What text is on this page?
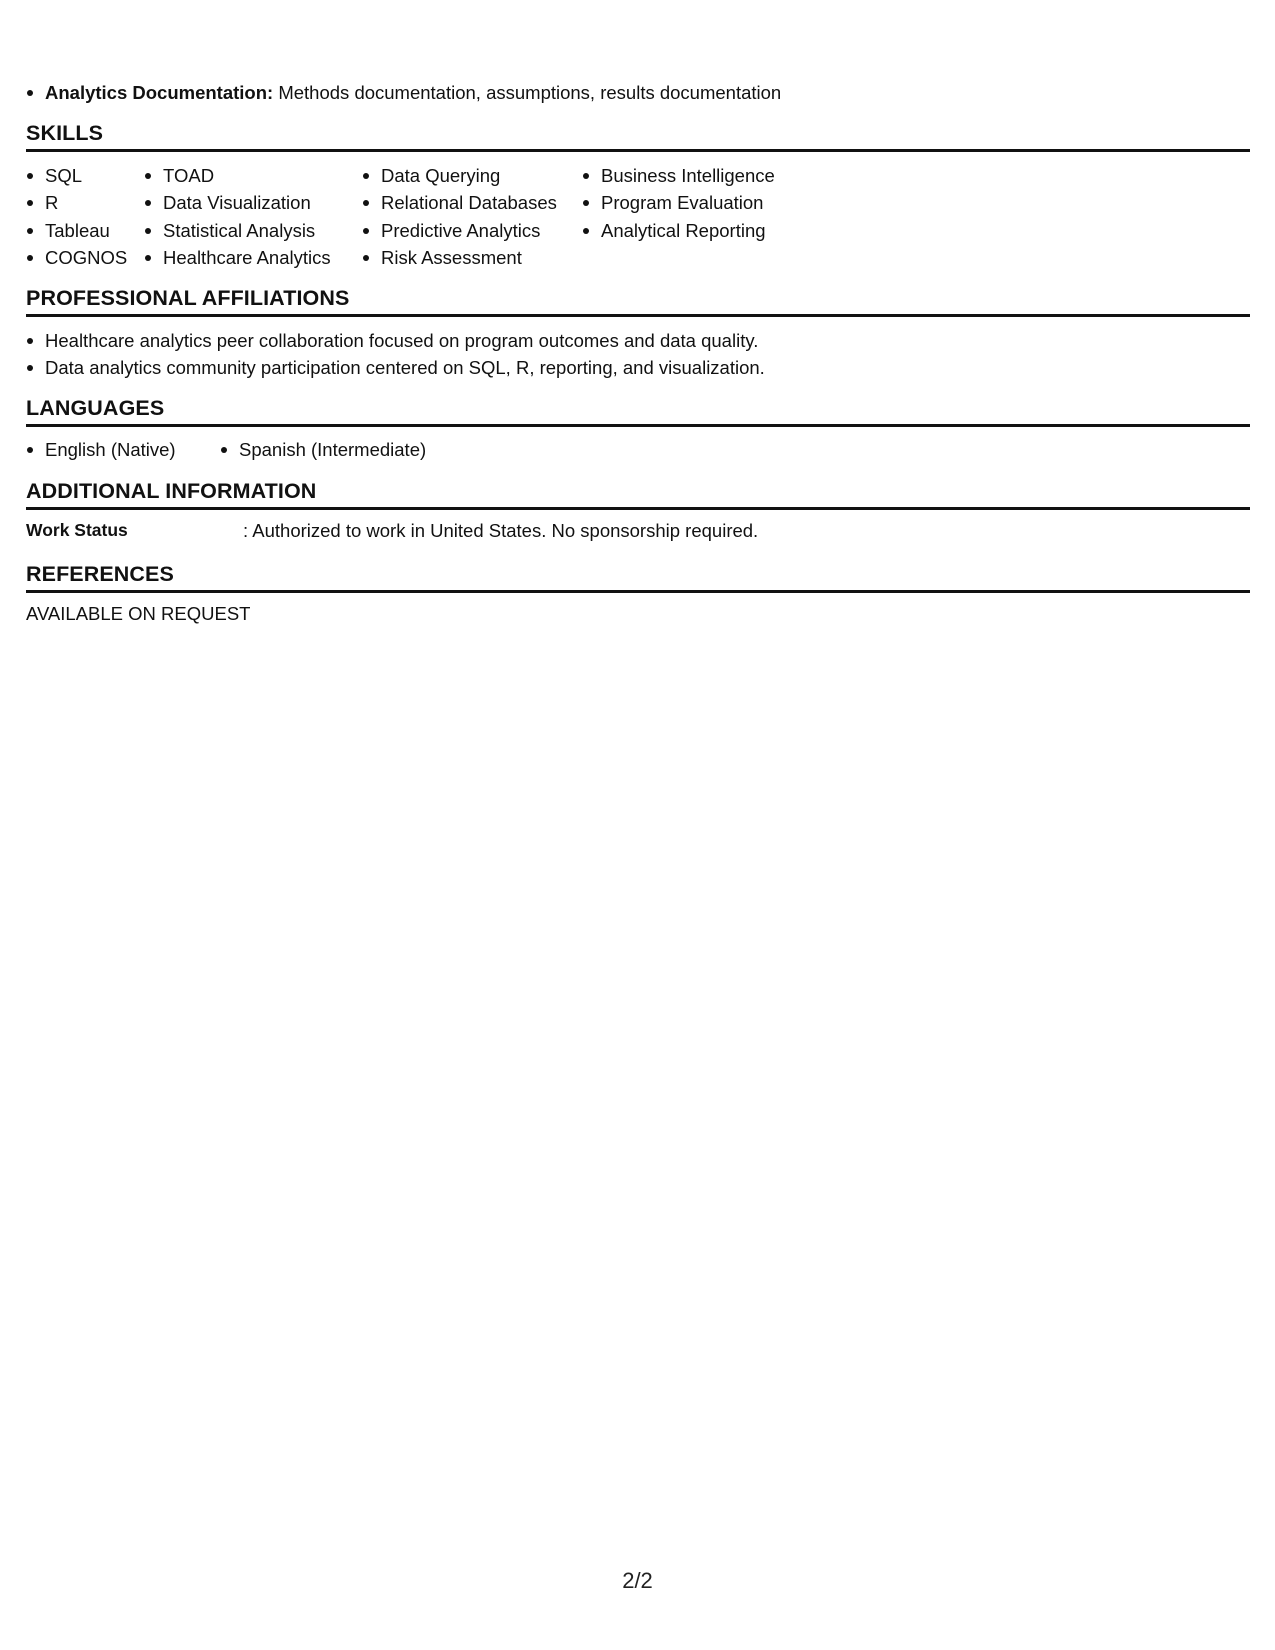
Analytics Documentation: Methods documentation, assumptions, results documentation
SKILLS
SQL
R
Tableau
COGNOS
TOAD
Data Visualization
Statistical Analysis
Healthcare Analytics
Data Querying
Relational Databases
Predictive Analytics
Risk Assessment
Business Intelligence
Program Evaluation
Analytical Reporting
PROFESSIONAL AFFILIATIONS
Healthcare analytics peer collaboration focused on program outcomes and data quality.
Data analytics community participation centered on SQL, R, reporting, and visualization.
LANGUAGES
English (Native)	Spanish (Intermediate)
ADDITIONAL INFORMATION
Work Status	: Authorized to work in United States. No sponsorship required.
REFERENCES
AVAILABLE ON REQUEST
2/2
